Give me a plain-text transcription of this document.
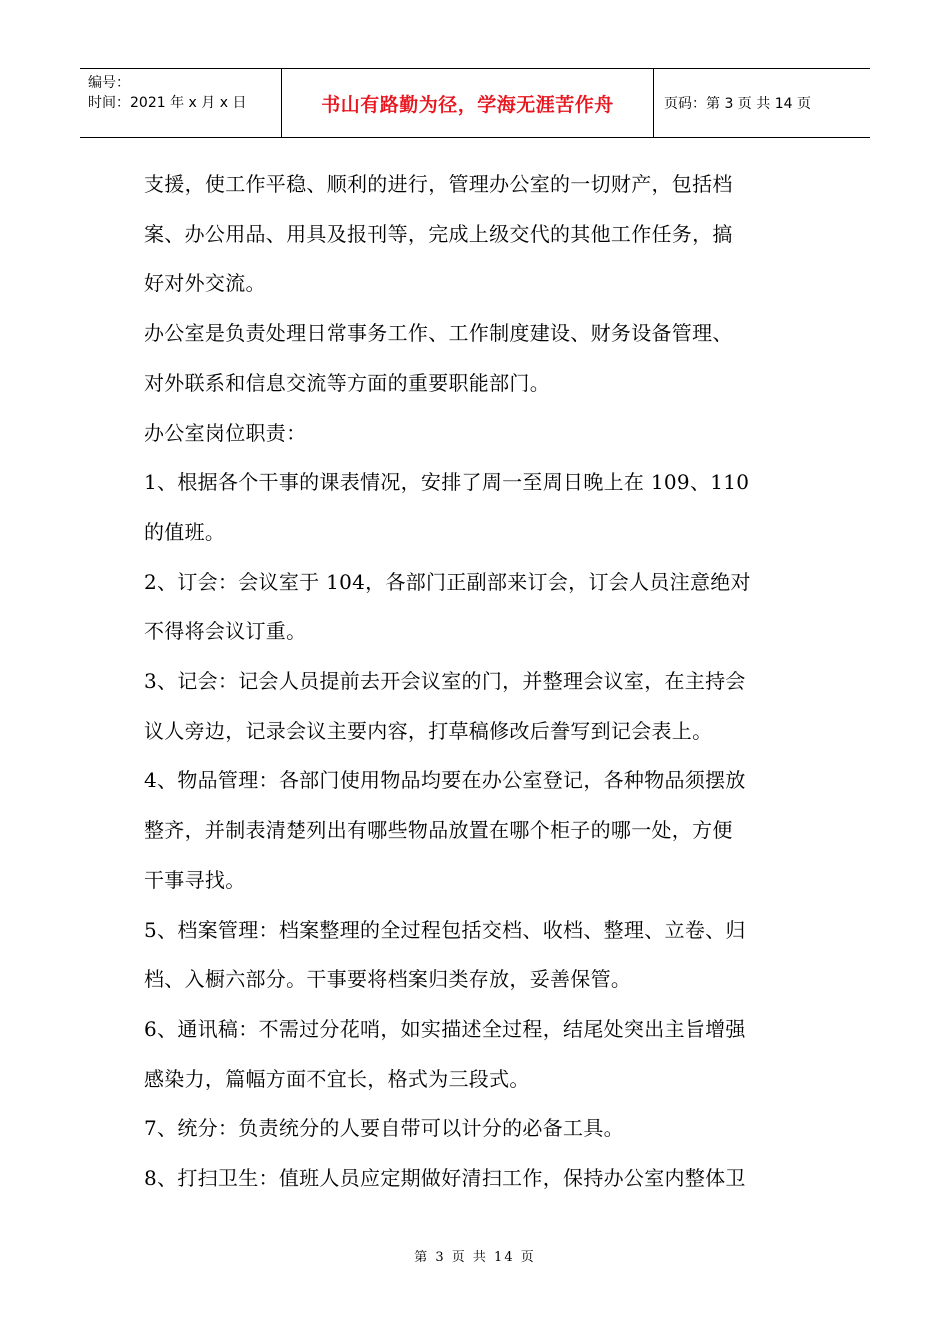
编号：
时间：2021 年 x 月 x 日	书山有路勤为径，学海无涯苦作舟	页码：第 3 页 共 14 页

支援，使工作平稳、顺利的进行，管理办公室的一切财产，包括档

案、办公用品、用具及报刊等，完成上级交代的其他工作任务，搞

好对外交流。

办公室是负责处理日常事务工作、工作制度建设、财务设备管理、

对外联系和信息交流等方面的重要职能部门。

办公室岗位职责：

1、根据各个干事的课表情况，安排了周一至周日晚上在 109、110

的值班。

2、订会：会议室于 104，各部门正副部来订会，订会人员注意绝对

不得将会议订重。

3、记会：记会人员提前去开会议室的门，并整理会议室，在主持会

议人旁边，记录会议主要内容，打草稿修改后誊写到记会表上。

4、物品管理：各部门使用物品均要在办公室登记，各种物品须摆放

整齐，并制表清楚列出有哪些物品放置在哪个柜子的哪一处，方便

干事寻找。

5、档案管理：档案整理的全过程包括交档、收档、整理、立卷、归

档、入橱六部分。干事要将档案归类存放，妥善保管。

6、通讯稿：不需过分花哨，如实描述全过程，结尾处突出主旨增强

感染力，篇幅方面不宜长，格式为三段式。

7、统分：负责统分的人要自带可以计分的必备工具。

8、打扫卫生：值班人员应定期做好清扫工作，保持办公室内整体卫

第 3 页 共 14 页
